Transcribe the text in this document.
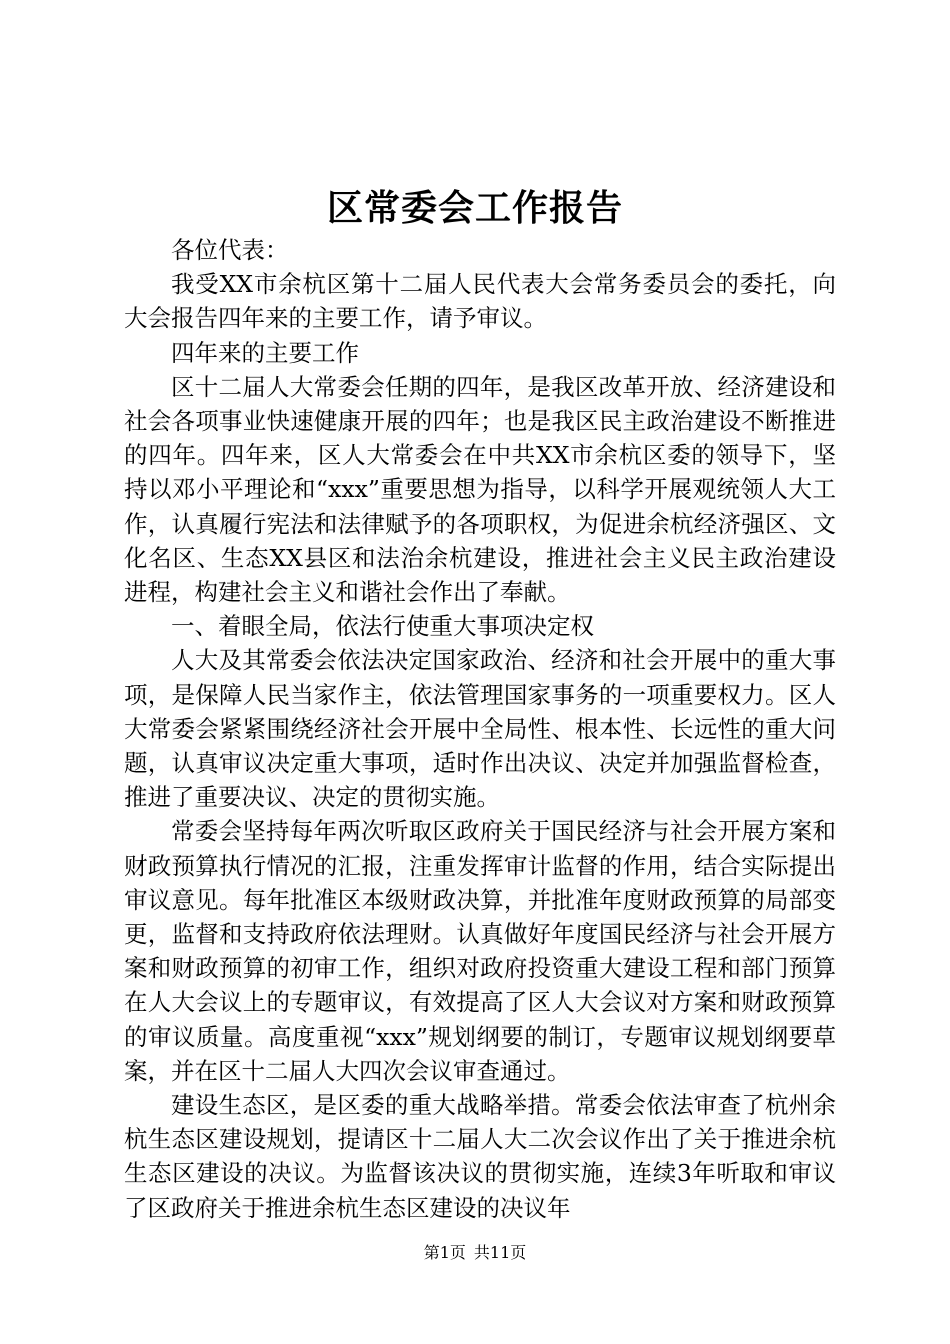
区常委会工作报告

各位代表：

我受XX市余杭区第十二届人民代表大会常务委员会的委托，向大会报告四年来的主要工作，请予审议。

四年来的主要工作

区十二届人大常委会任期的四年，是我区改革开放、经济建设和社会各项事业快速健康开展的四年；也是我区民主政治建设不断推进的四年。四年来，区人大常委会在中共XX市余杭区委的领导下，坚持以邓小平理论和“xxx”重要思想为指导，以科学开展观统领人大工作，认真履行宪法和法律赋予的各项职权，为促进余杭经济强区、文化名区、生态XX县区和法治余杭建设，推进社会主义民主政治建设进程，构建社会主义和谐社会作出了奉献。

一、着眼全局，依法行使重大事项决定权

人大及其常委会依法决定国家政治、经济和社会开展中的重大事项，是保障人民当家作主，依法管理国家事务的一项重要权力。区人大常委会紧紧围绕经济社会开展中全局性、根本性、长远性的重大问题，认真审议决定重大事项，适时作出决议、决定并加强监督检查，推进了重要决议、决定的贯彻实施。

常委会坚持每年两次听取区政府关于国民经济与社会开展方案和财政预算执行情况的汇报，注重发挥审计监督的作用，结合实际提出审议意见。每年批准区本级财政决算，并批准年度财政预算的局部变更，监督和支持政府依法理财。认真做好年度国民经济与社会开展方案和财政预算的初审工作，组织对政府投资重大建设工程和部门预算在人大会议上的专题审议，有效提高了区人大会议对方案和财政预算的审议质量。高度重视“xxx”规划纲要的制订，专题审议规划纲要草案，并在区十二届人大四次会议审查通过。

建设生态区，是区委的重大战略举措。常委会依法审查了杭州余杭生态区建设规划，提请区十二届人大二次会议作出了关于推进余杭生态区建设的决议。为监督该决议的贯彻实施，连续3年听取和审议了区政府关于推进余杭生态区建设的决议年

第1页 共11页
